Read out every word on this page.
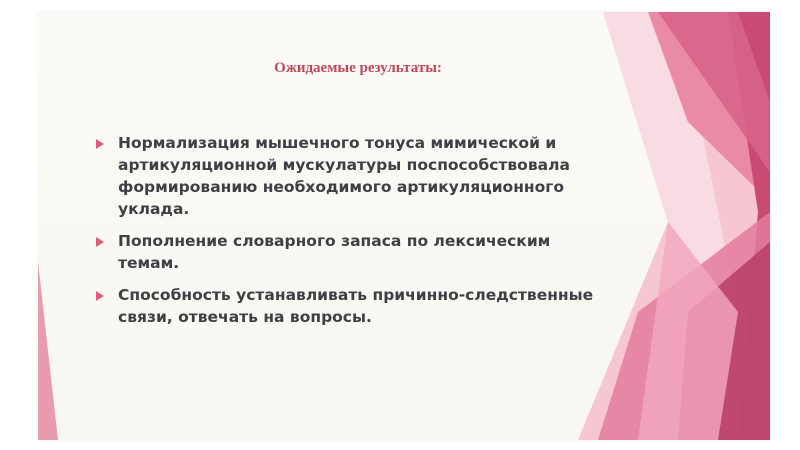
Ожидаемые результаты:
Нормализация мышечного тонуса мимической и артикуляционной мускулатуры поспособствовала формированию необходимого артикуляционного уклада.
Пополнение словарного запаса по лексическим темам.
Способность устанавливать причинно-следственные связи, отвечать на вопросы.
